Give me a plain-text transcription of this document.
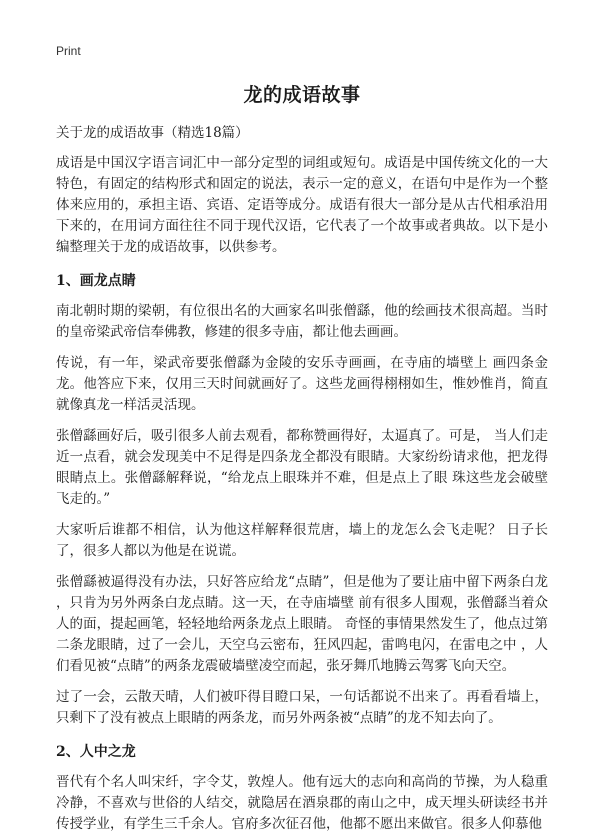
Print
龙的成语故事
关于龙的成语故事（精选18篇）

成语是中国汉字语言词汇中一部分定型的词组或短句。成语是中国传统文化的一大特色，有固定的结构形式和固定的说法，表示一定的意义，在语句中是作为一个整体来应用的，承担主语、宾语、定语等成分。成语有很大一部分是从古代相承沿用下来的，在用词方面往往不同于现代汉语，它代表了一个故事或者典故。以下是小编整理关于龙的成语故事，以供参考。

1、画龙点睛

南北朝时期的梁朝，有位很出名的大画家名叫张僧繇，他的绘画技术很高超。当时的皇帝梁武帝信奉佛教，修建的很多寺庙，都让他去画画。

传说，有一年，梁武帝要张僧繇为金陵的安乐寺画画，在寺庙的墙壁上 画四条金龙。他答应下来，仅用三天时间就画好了。这些龙画得栩栩如生，惟妙惟肖，简直就像真龙一样活灵活现。

张僧繇画好后，吸引很多人前去观看，都称赞画得好，太逼真了。可是， 当人们走近一点看，就会发现美中不足得是四条龙全都没有眼睛。大家纷纷请求他，把龙得眼睛点上。张僧繇解释说，“给龙点上眼珠并不难，但是点上了眼 珠这些龙会破壁飞走的。”

大家听后谁都不相信，认为他这样解释很荒唐，墙上的龙怎么会飞走呢？ 日子长了，很多人都以为他是在说谎。

张僧繇被逼得没有办法，只好答应给龙“点睛”，但是他为了要让庙中留下两条白龙 ，只肯为另外两条白龙点睛。这一天，在寺庙墙壁 前有很多人围观，张僧繇当着众人的面，提起画笔，轻轻地给两条龙点上眼睛。 奇怪的事情果然发生了，他点过第二条龙眼睛，过了一会儿，天空乌云密布，狂风四起，雷鸣电闪，在雷电之中 ，人们看见被“点睛”的两条龙震破墙壁凌空而起，张牙舞爪地腾云驾雾飞向天空。

过了一会，云散天晴，人们被吓得目瞪口呆，一句话都说不出来了。再看看墙上，只剩下了没有被点上眼睛的两条龙，而另外两条被“点睛”的龙不知去向了。

2、人中之龙

晋代有个名人叫宋纤，字令艾，敦煌人。他有远大的志向和高尚的节操，为人稳重冷静，不喜欢与世俗的人结交，就隐居在酒泉郡的南山之中，成天埋头研读经书并传授学业，有学生三千余人。官府多次征召他，他都不愿出来做官。很多人仰慕他
